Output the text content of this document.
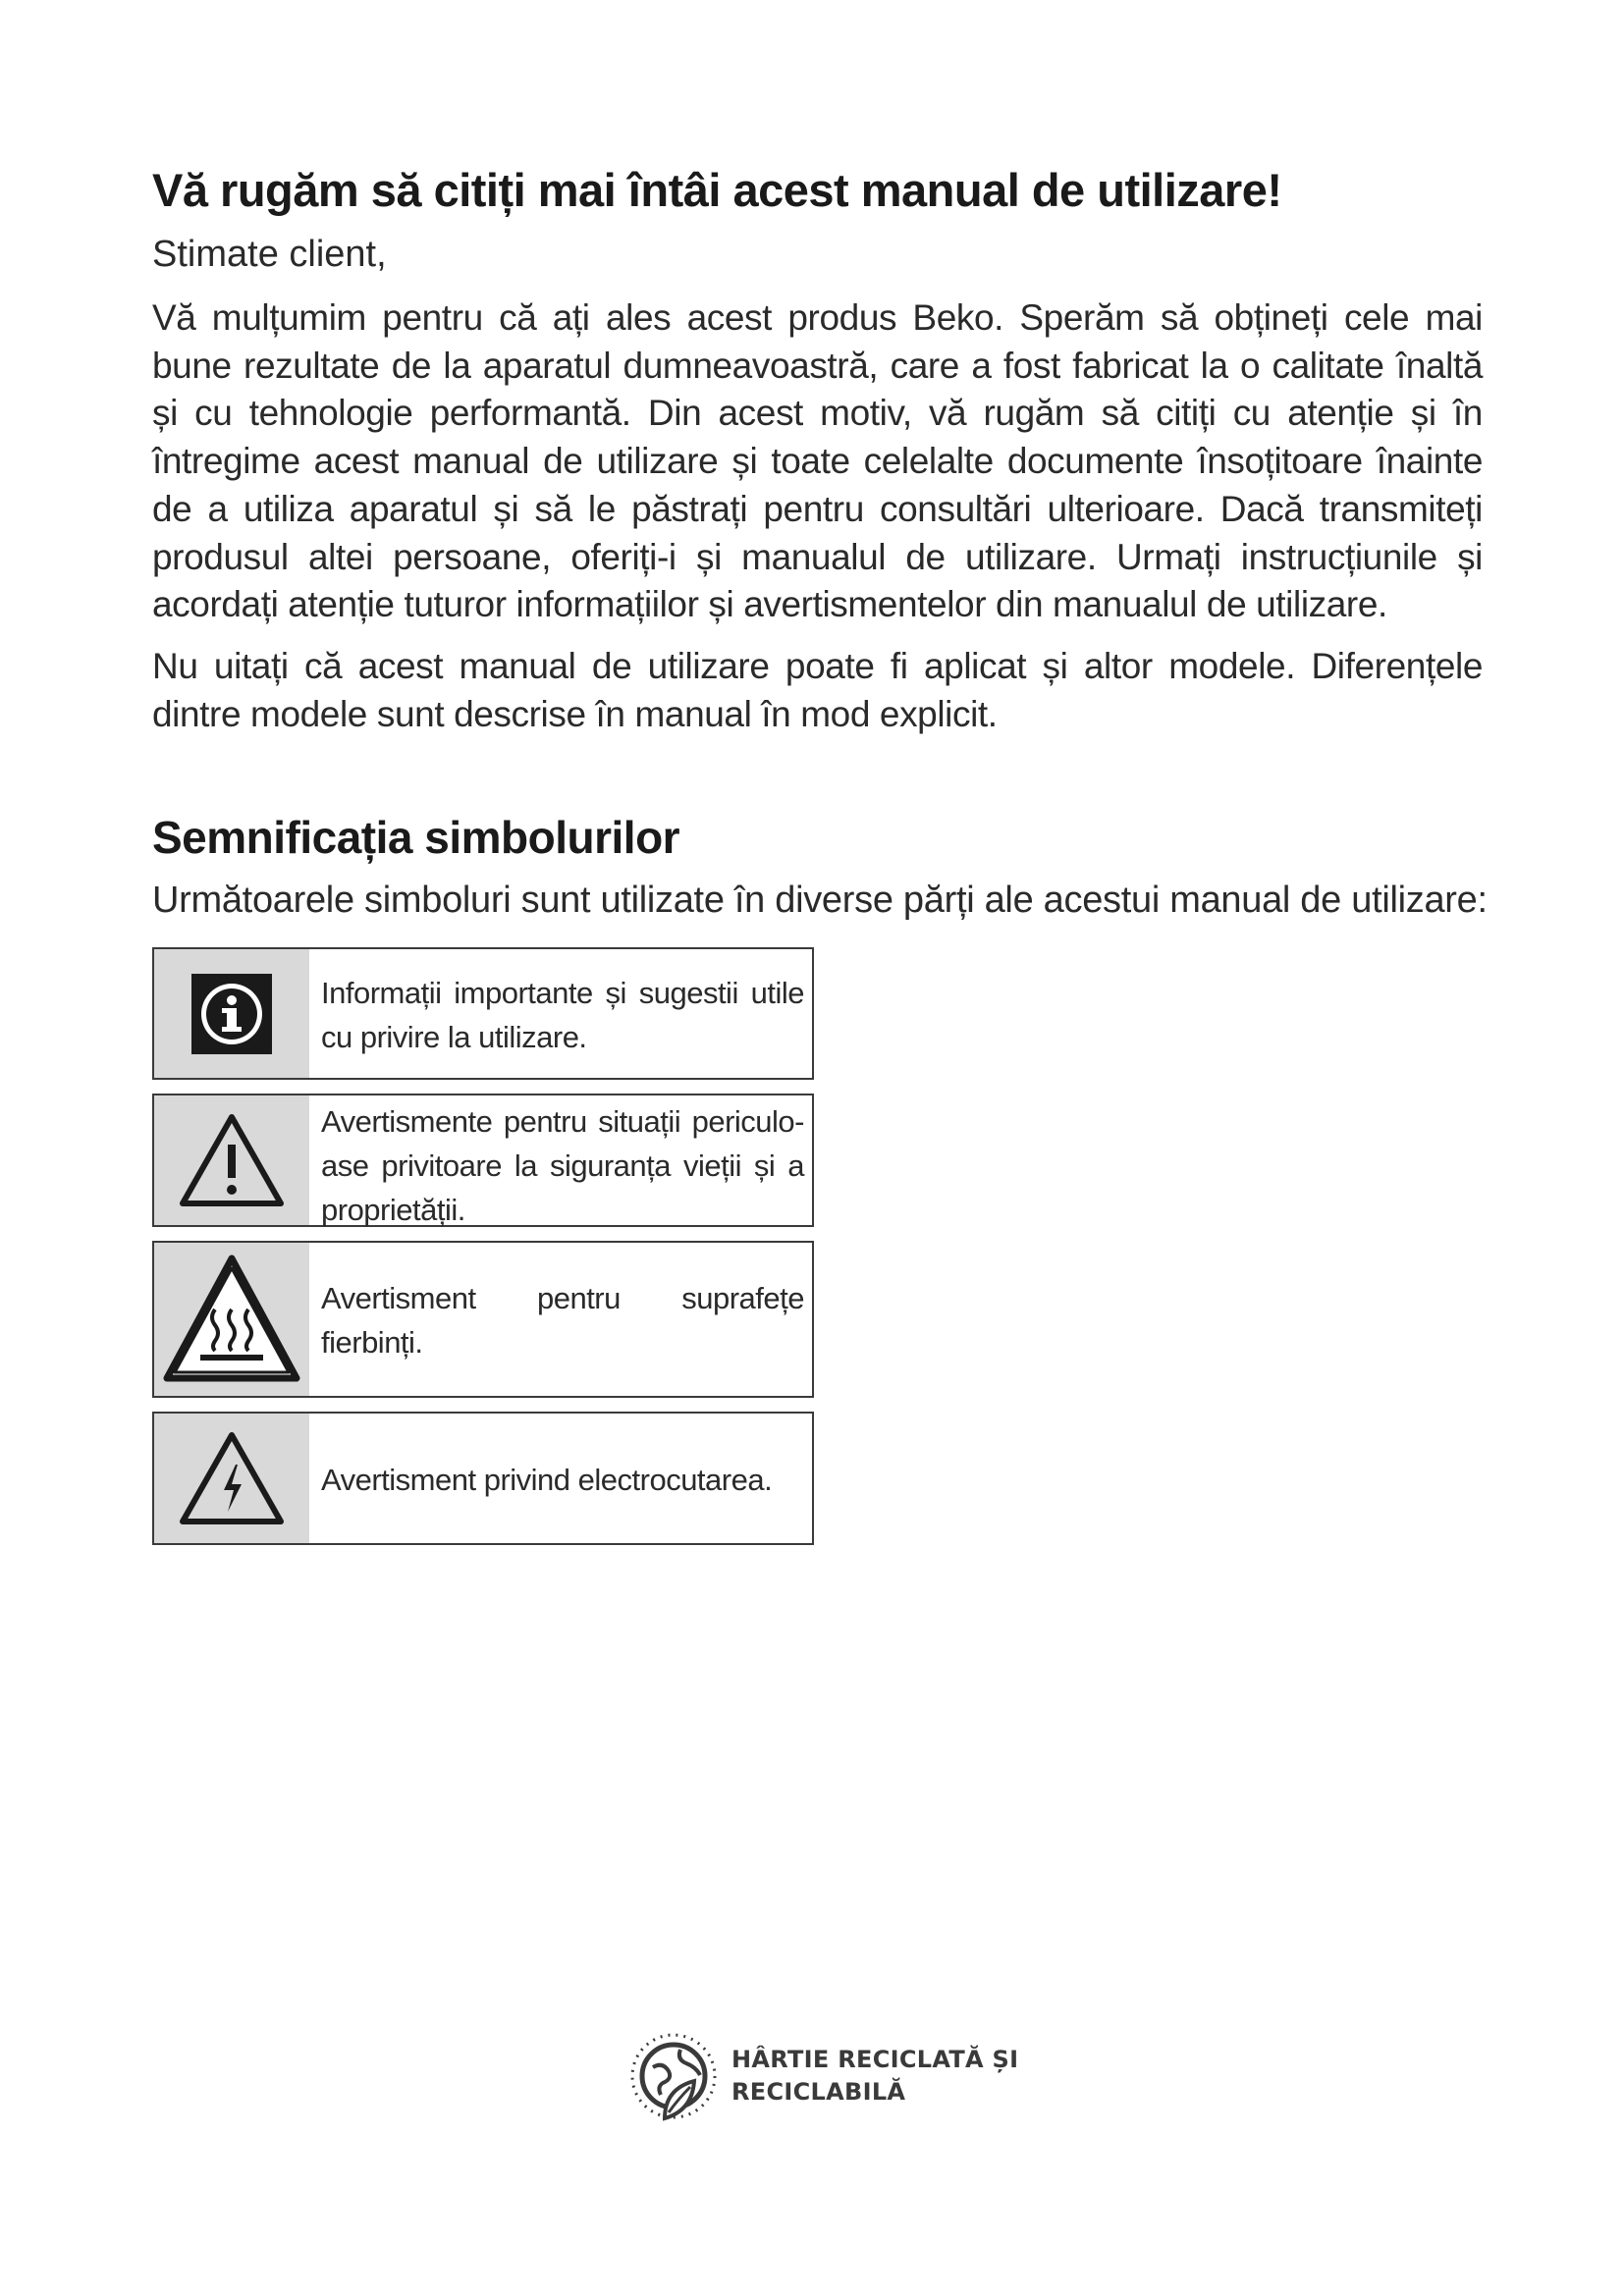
Vă rugăm să citiți mai întâi acest manual de utilizare!

Stimate client,

Vă mulțumim pentru că ați ales acest produs Beko. Sperăm să obțineți cele mai bune rezultate de la aparatul dumneavoastră, care a fost fabricat la o calitate înaltă și cu tehnologie performantă. Din acest motiv, vă rugăm să citiți cu atenție și în întregime acest manual de utilizare și toate celelalte documente însoțitoare înainte de a utiliza aparatul și să le păstrați pentru consultări ulterioare. Dacă transmiteți produsul altei persoane, oferiți-i și manualul de utilizare. Urmați instrucțiunile și acordați atenție tuturor informațiilor și avertismentelor din manualul de utilizare.

Nu uitați că acest manual de utilizare poate fi aplicat și altor modele. Diferențele dintre modele sunt descrise în manual în mod explicit.

Semnificația simbolurilor

Următoarele simboluri sunt utilizate în diverse părți ale acestui manual de utilizare:

Informații importante și sugestii utile cu privire la utilizare.
Avertismente pentru situații periculo-ase privitoare la siguranța vieții și a proprietății.
Avertisment pentru suprafețe fierbinți.
Avertisment privind electrocutarea.
HÂRTIE RECICLATĂ ȘI
RECICLABILĂ
